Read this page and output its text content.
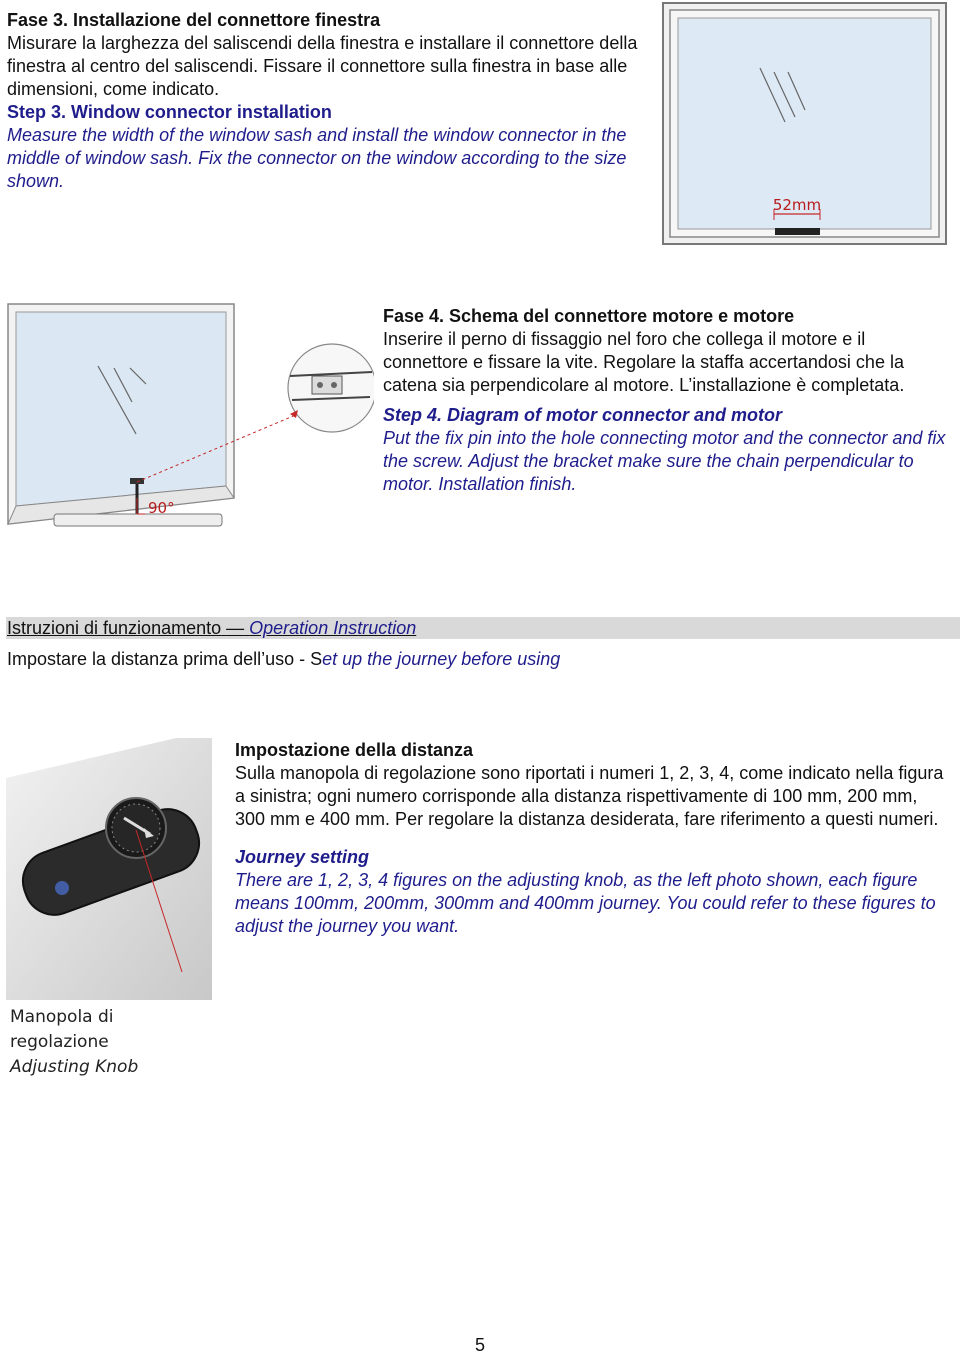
Fase 3. Installazione del connettore finestra

Misurare la larghezza del saliscendi della finestra e installare il connettore della finestra al centro del saliscendi. Fissare il connettore sulla finestra in base alle dimensioni, come indicato.

Step 3. Window connector installation

Measure the width of the window sash and install the window connector in the middle of window sash. Fix the connector on the window according to the size shown.

52mm
90°

Fase 4. Schema del connettore motore e motore

Inserire il perno di fissaggio nel foro che collega il motore e il connettore e fissare la vite. Regolare la staffa accertandosi che la catena sia perpendicolare al motore. L’installazione è completata.

Step 4. Diagram of motor connector and motor

Put the fix pin into the hole connecting motor and the connector and fix the screw. Adjust the bracket make sure the chain perpendicular to motor. Installation finish.

Istruzioni di funzionamento — Operation Instruction

Impostare la distanza prima dell’uso - Set up the journey before using

Manopola di regolazione
Adjusting Knob

Impostazione della distanza

Sulla manopola di regolazione sono riportati i numeri 1, 2, 3, 4, come indicato nella figura a sinistra; ogni numero corrisponde alla distanza rispettivamente di 100 mm, 200 mm, 300 mm e 400 mm. Per regolare la distanza desiderata, fare riferimento a questi numeri.

Journey setting

There are 1, 2, 3, 4 figures on the adjusting knob, as the left photo shown, each figure means 100mm, 200mm, 300mm and 400mm journey. You could refer to these figures to adjust the journey you want.

5
